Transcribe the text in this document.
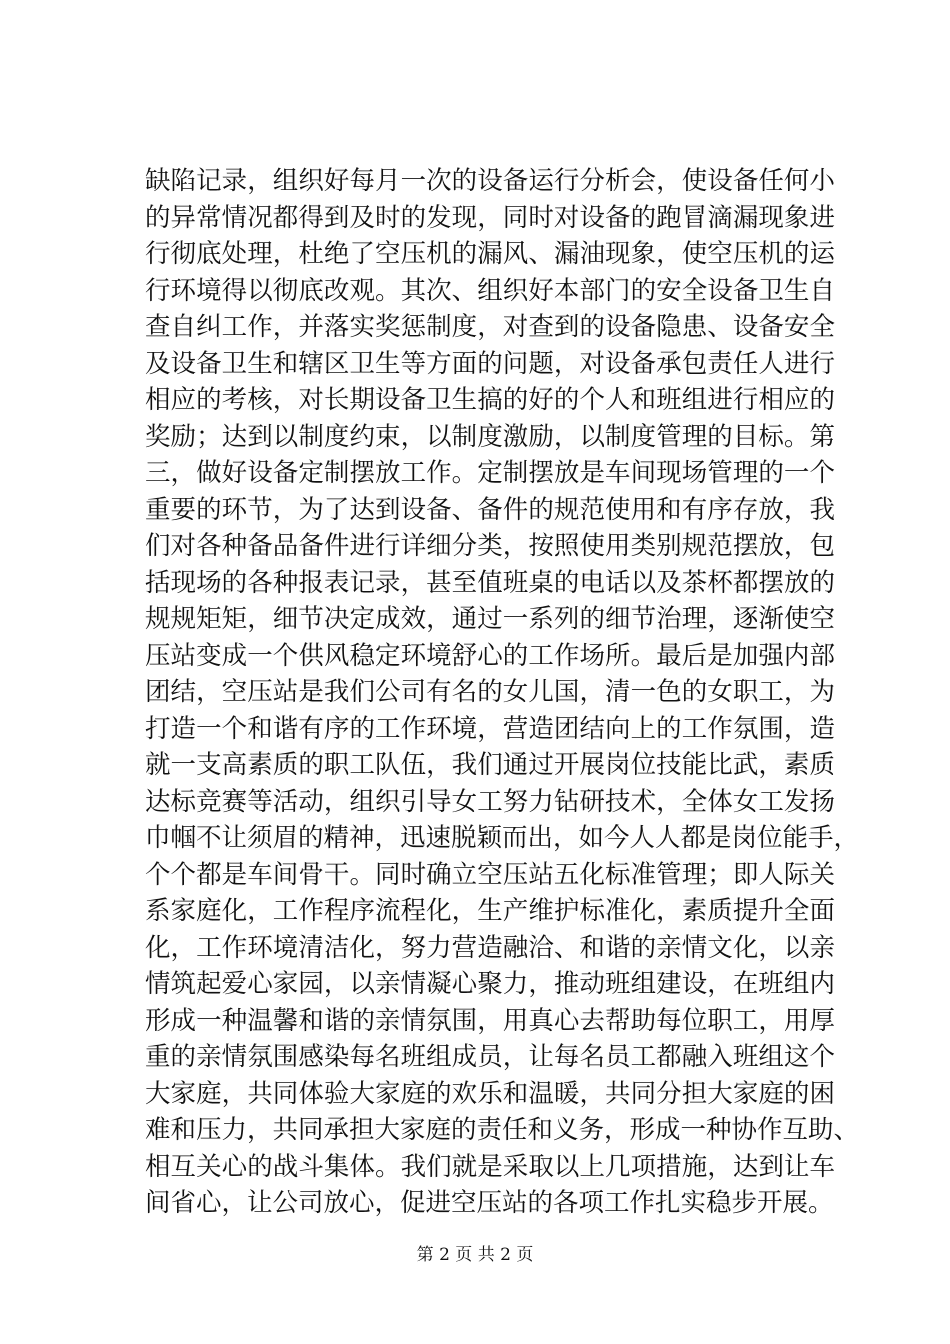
缺陷记录，组织好每月一次的设备运行分析会，使设备任何小
的异常情况都得到及时的发现，同时对设备的跑冒滴漏现象进
行彻底处理，杜绝了空压机的漏风、漏油现象，使空压机的运
行环境得以彻底改观。其次、组织好本部门的安全设备卫生自
查自纠工作，并落实奖惩制度，对查到的设备隐患、设备安全
及设备卫生和辖区卫生等方面的问题，对设备承包责任人进行
相应的考核，对长期设备卫生搞的好的个人和班组进行相应的
奖励；达到以制度约束，以制度激励，以制度管理的目标。第
三，做好设备定制摆放工作。定制摆放是车间现场管理的一个
重要的环节，为了达到设备、备件的规范使用和有序存放，我
们对各种备品备件进行详细分类，按照使用类别规范摆放，包
括现场的各种报表记录，甚至值班桌的电话以及茶杯都摆放的
规规矩矩，细节决定成效，通过一系列的细节治理，逐渐使空
压站变成一个供风稳定环境舒心的工作场所。最后是加强内部
团结，空压站是我们公司有名的女儿国，清一色的女职工，为
打造一个和谐有序的工作环境，营造团结向上的工作氛围，造
就一支高素质的职工队伍，我们通过开展岗位技能比武，素质
达标竞赛等活动，组织引导女工努力钻研技术，全体女工发扬
巾帼不让须眉的精神，迅速脱颖而出，如今人人都是岗位能手，
个个都是车间骨干。同时确立空压站五化标准管理；即人际关
系家庭化，工作程序流程化，生产维护标准化，素质提升全面
化，工作环境清洁化，努力营造融洽、和谐的亲情文化，以亲
情筑起爱心家园，以亲情凝心聚力，推动班组建设，在班组内
形成一种温馨和谐的亲情氛围，用真心去帮助每位职工，用厚
重的亲情氛围感染每名班组成员，让每名员工都融入班组这个
大家庭，共同体验大家庭的欢乐和温暖，共同分担大家庭的困
难和压力，共同承担大家庭的责任和义务，形成一种协作互助、
相互关心的战斗集体。我们就是采取以上几项措施，达到让车
间省心，让公司放心，促进空压站的各项工作扎实稳步开展。
第 2 页 共 2 页
